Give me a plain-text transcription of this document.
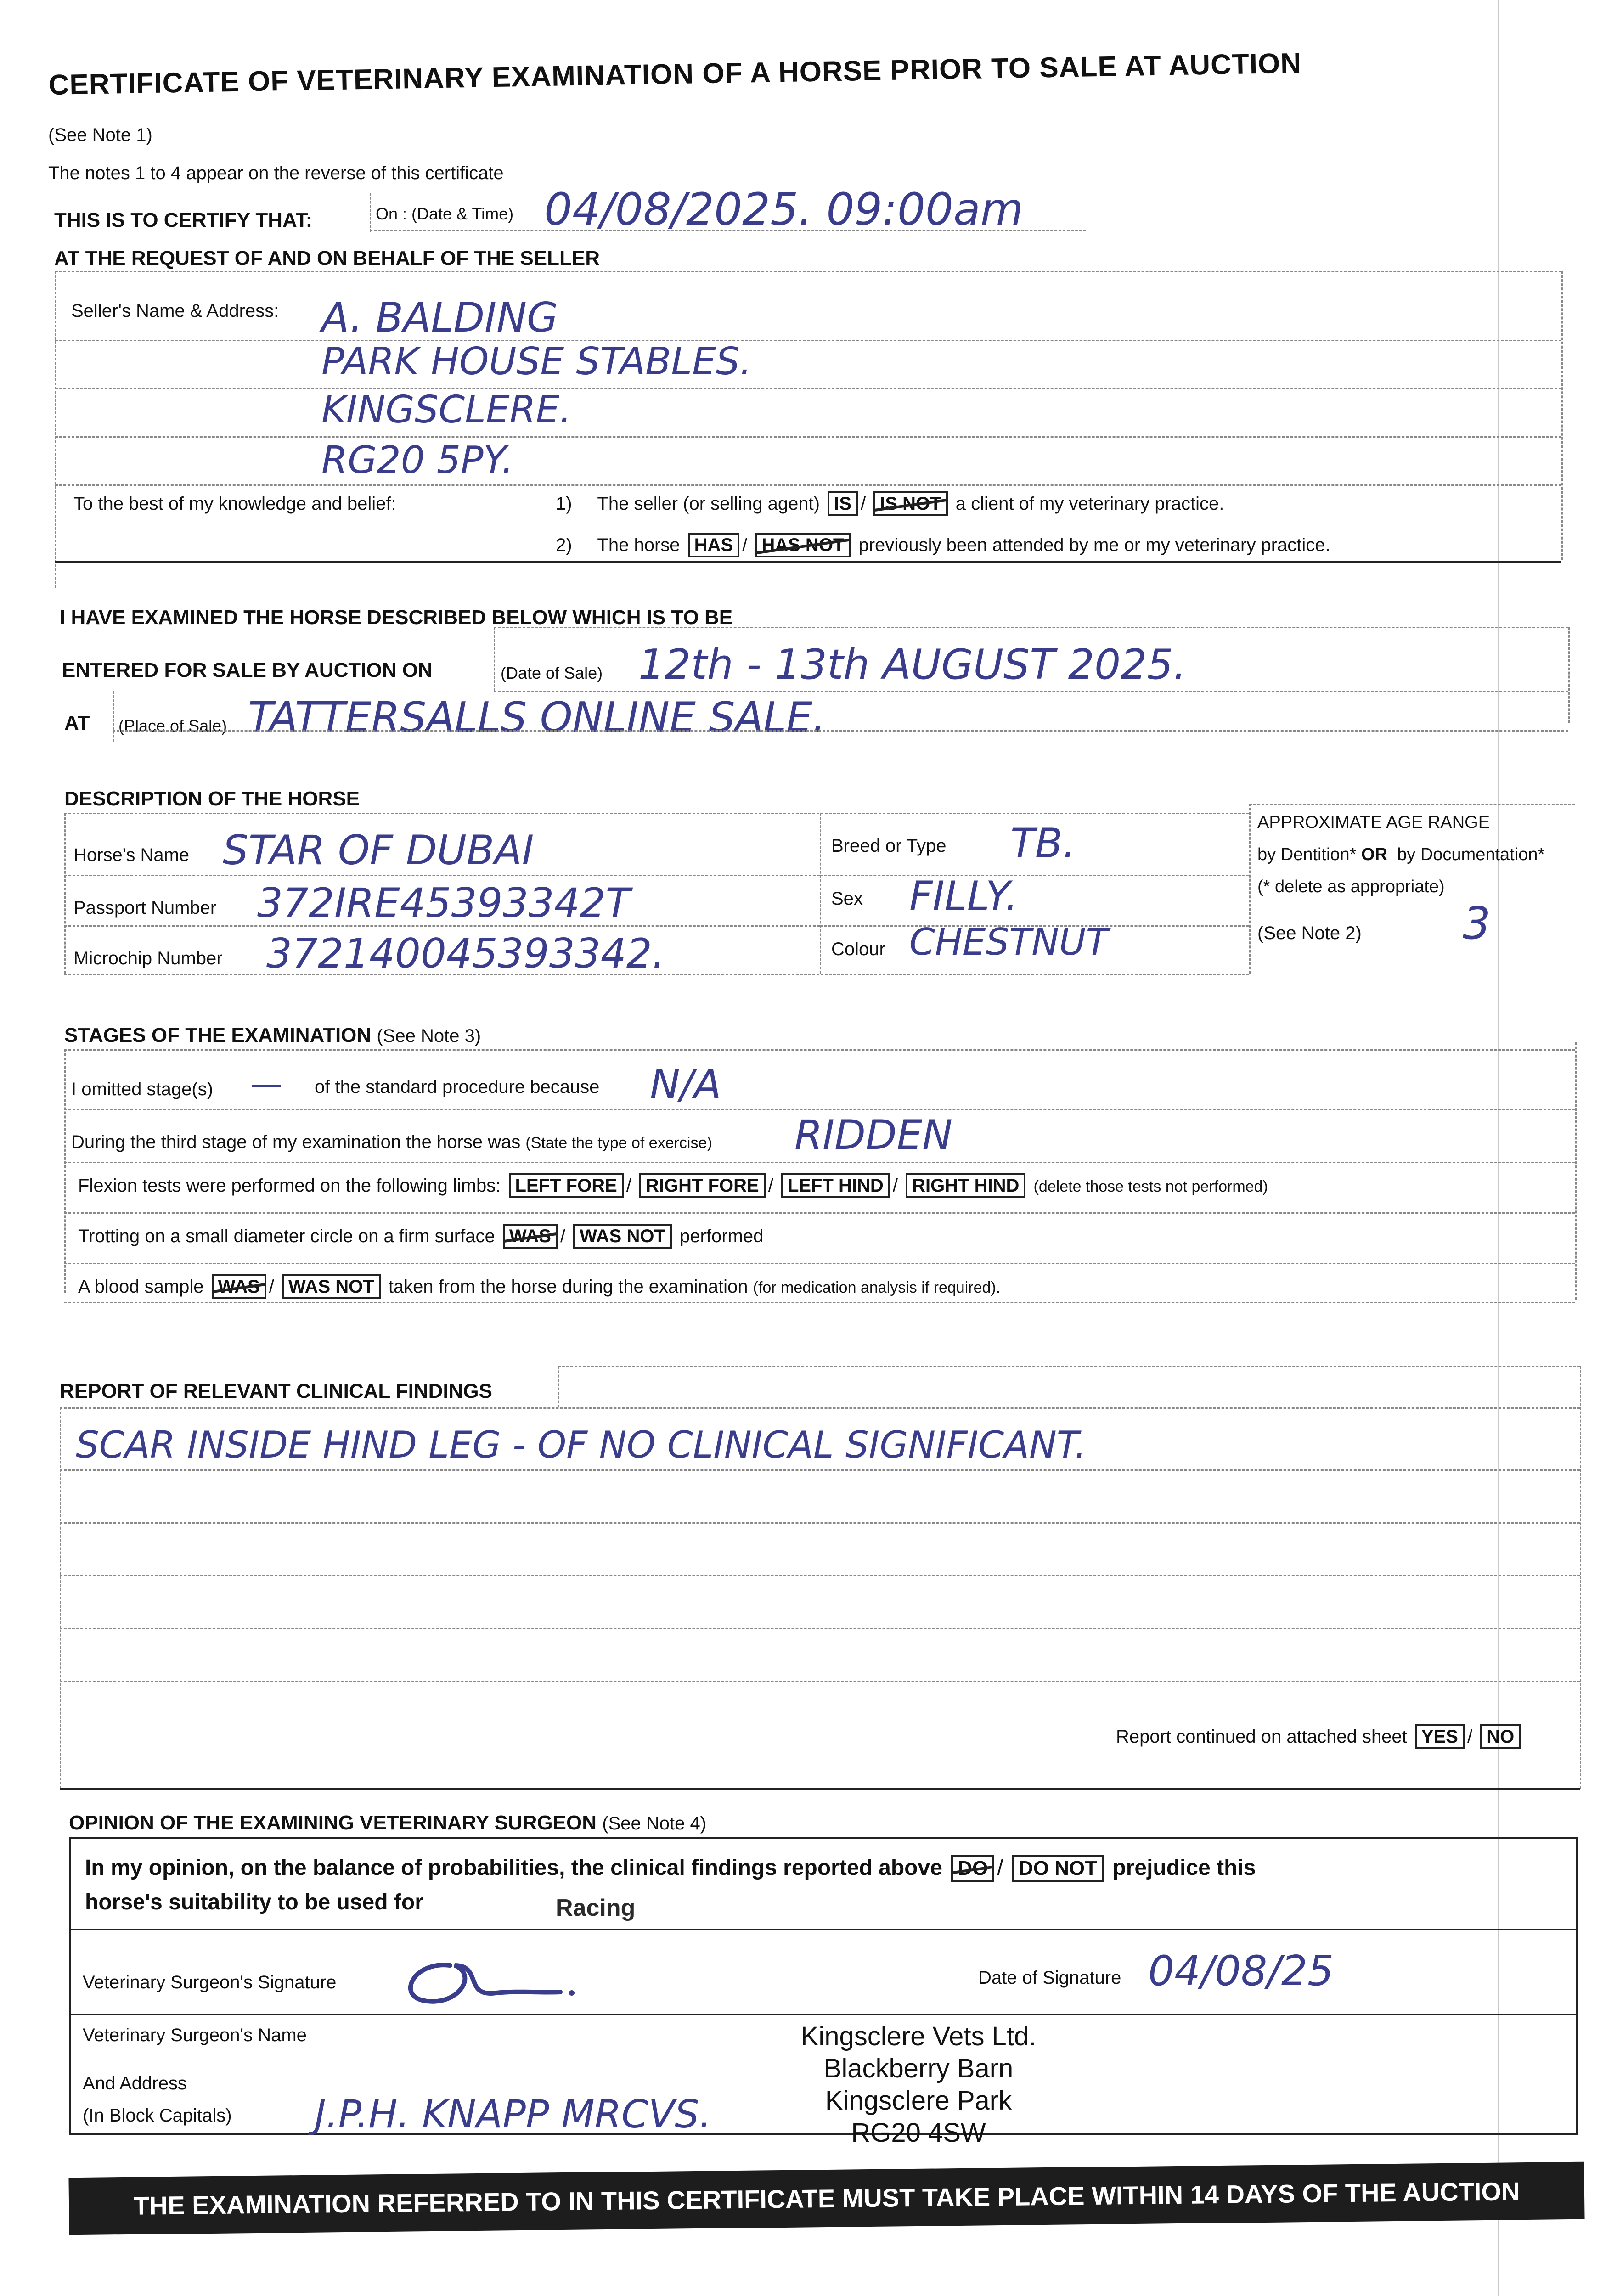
CERTIFICATE OF VETERINARY EXAMINATION OF A HORSE PRIOR TO SALE AT AUCTION
(See Note 1)
The notes 1 to 4 appear on the reverse of this certificate
THIS IS TO CERTIFY THAT:	On : (Date & Time) 04/08/2025. 09:00am
AT THE REQUEST OF AND ON BEHALF OF THE SELLER
Seller's Name & Address: A. BALDING
PARK HOUSE STABLES.
KINGSCLERE.
RG20 5PY.
To the best of my knowledge and belief:	1) The seller (or selling agent) IS / IS NOT a client of my veterinary practice.
2) The horse HAS / HAS NOT previously been attended by me or my veterinary practice.
I HAVE EXAMINED THE HORSE DESCRIBED BELOW WHICH IS TO BE
ENTERED FOR SALE BY AUCTION ON	(Date of Sale) 12th - 13th AUGUST 2025.
AT (Place of Sale) TATTERSALLS ONLINE SALE.
DESCRIPTION OF THE HORSE
Horse's Name STAR OF DUBAI
Passport Number 372IRE45393342T
Microchip Number 372140045393342.
Breed or Type TB.
Sex FILLY.
Colour CHESTNUT
APPROXIMATE AGE RANGE
by Dentition* OR by Documentation*
(* delete as appropriate)
(See Note 2) 3
STAGES OF THE EXAMINATION (See Note 3)
I omitted stage(s) — of the standard procedure because N/A
During the third stage of my examination the horse was (State the type of exercise) RIDDEN
Flexion tests were performed on the following limbs: LEFT FORE / RIGHT FORE / LEFT HIND / RIGHT HIND (delete those tests not performed)
Trotting on a small diameter circle on a firm surface WAS / WAS NOT performed
A blood sample WAS / WAS NOT taken from the horse during the examination (for medication analysis if required).
REPORT OF RELEVANT CLINICAL FINDINGS
SCAR INSIDE HIND LEG - OF NO CLINICAL SIGNIFICANT.
Report continued on attached sheet YES / NO
OPINION OF THE EXAMINING VETERINARY SURGEON (See Note 4)
In my opinion, on the balance of probabilities, the clinical findings reported above DO / DO NOT prejudice this
horse's suitability to be used for	Racing
Veterinary Surgeon's Signature	Date of Signature 04/08/25
Veterinary Surgeon's Name
And Address
(In Block Capitals) J.P.H. KNAPP MRCVS.
Kingsclere Vets Ltd.
Blackberry Barn
Kingsclere Park
RG20 4SW
THE EXAMINATION REFERRED TO IN THIS CERTIFICATE MUST TAKE PLACE WITHIN 14 DAYS OF THE AUCTION
